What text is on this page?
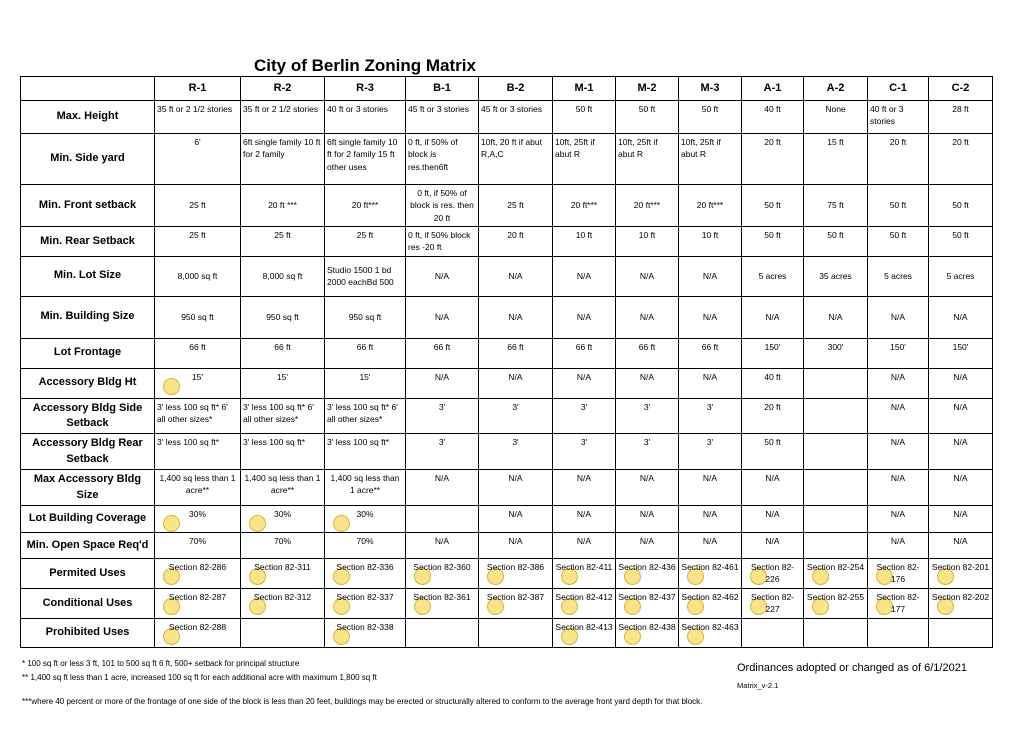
City of Berlin Zoning Matrix
	R-1	R-2	R-3	B-1	B-2	M-1	M-2	M-3	A-1	A-2	C-1	C-2
Max. Height	35 ft or 2 1/2 stories	35 ft or 2 1/2 stories	40 ft or 3 stories	45 ft or 3 stories	45 ft or 3 stories	50 ft	50 ft	50 ft	40 ft	None	40 ft or 3 stories	28 ft
Min. Side yard	6'	6ft single family 10 ft for 2 family	6ft single family 10 ft for 2 family 15 ft other uses	0 ft, if 50% of block is res.then6ft	10ft, 20 ft if abut R,A,C	10ft, 25ft if abut R	10ft, 25ft if abut R	10ft, 25ft if abut R	20 ft	15 ft	20 ft	20 ft
Min. Front setback	25 ft	20 ft ***	20 ft***	0 ft, if 50% of block is res. then 20 ft	25 ft	20 ft***	20 ft***	20 ft***	50 ft	75 ft	50 ft	50 ft
Min. Rear Setback	25 ft	25 ft	25 ft	0 ft, if 50% block res -20 ft	20 ft	10 ft	10 ft	10 ft	50 ft	50 ft	50 ft	50 ft
Min. Lot Size	8,000 sq ft	8,000 sq ft	Studio 1500 1 bd 2000 eachBd 500	N/A	N/A	N/A	N/A	N/A	5 acres	35 acres	5 acres	5 acres
Min. Building Size	950 sq ft	950 sq ft	950 sq ft	N/A	N/A	N/A	N/A	N/A	N/A	N/A	N/A	N/A
Lot Frontage	66 ft	66 ft	66 ft	66 ft	66 ft	66 ft	66 ft	66 ft	150'	300'	150'	150'
Accessory Bldg Ht	15'	15'	15'	N/A	N/A	N/A	N/A	N/A	40 ft		N/A	N/A
Accessory Bldg Side Setback	3' less 100 sq ft* 6' all other sizes*	3' less 100 sq ft* 6' all other sizes*	3' less 100 sq ft* 6' all other sizes*	3'	3'	3'	3'	3'	20 ft		N/A	N/A
Accessory Bldg Rear Setback	3' less 100 sq ft*	3' less 100 sq ft*	3' less 100 sq ft*	3'	3'	3'	3'	3'	50 ft		N/A	N/A
Max Accessory Bldg Size	1,400 sq less than 1 acre**	1,400 sq less than 1 acre**	1,400 sq less than 1 acre**	N/A	N/A	N/A	N/A	N/A	N/A		N/A	N/A
Lot Building Coverage	30%	30%	30%		N/A	N/A	N/A	N/A	N/A		N/A	N/A
Min. Open Space Req'd	70%	70%	70%	N/A	N/A	N/A	N/A	N/A	N/A		N/A	N/A
Permited Uses	Section 82-286	Section 82-311	Section 82-336	Section 82-360	Section 82-386	Section 82-411	Section 82-436	Section 82-461	Section 82-226	Section 82-254	Section 82-176	Section 82-201

Conditional Uses	Section 82-287	Section 82-312	Section 82-337	Section 82-361	Section 82-387	Section 82-412	Section 82-437	Section 82-462	Section 82-227	Section 82-255	Section 82-177	Section 82-202

Prohibited Uses	Section 82-288		Section 82-338			Section 82-413	Section 82-438	Section 82-463				

* 100 sq ft or less 3 ft, 101 to 500 sq ft 6 ft, 500+ setback for principal structure
** 1,400 sq ft less than 1 acre, increased 100 sq ft for each additional acre with maximum 1,800 sq ft
***where 40 percent or more of the frontage of one side of the block is less than 20 feet, buildings may be erected or structurally altered to conform to the average front yard depth for that block.
Ordinances adopted or changed as of 6/1/2021
Matrix_v-2.1
